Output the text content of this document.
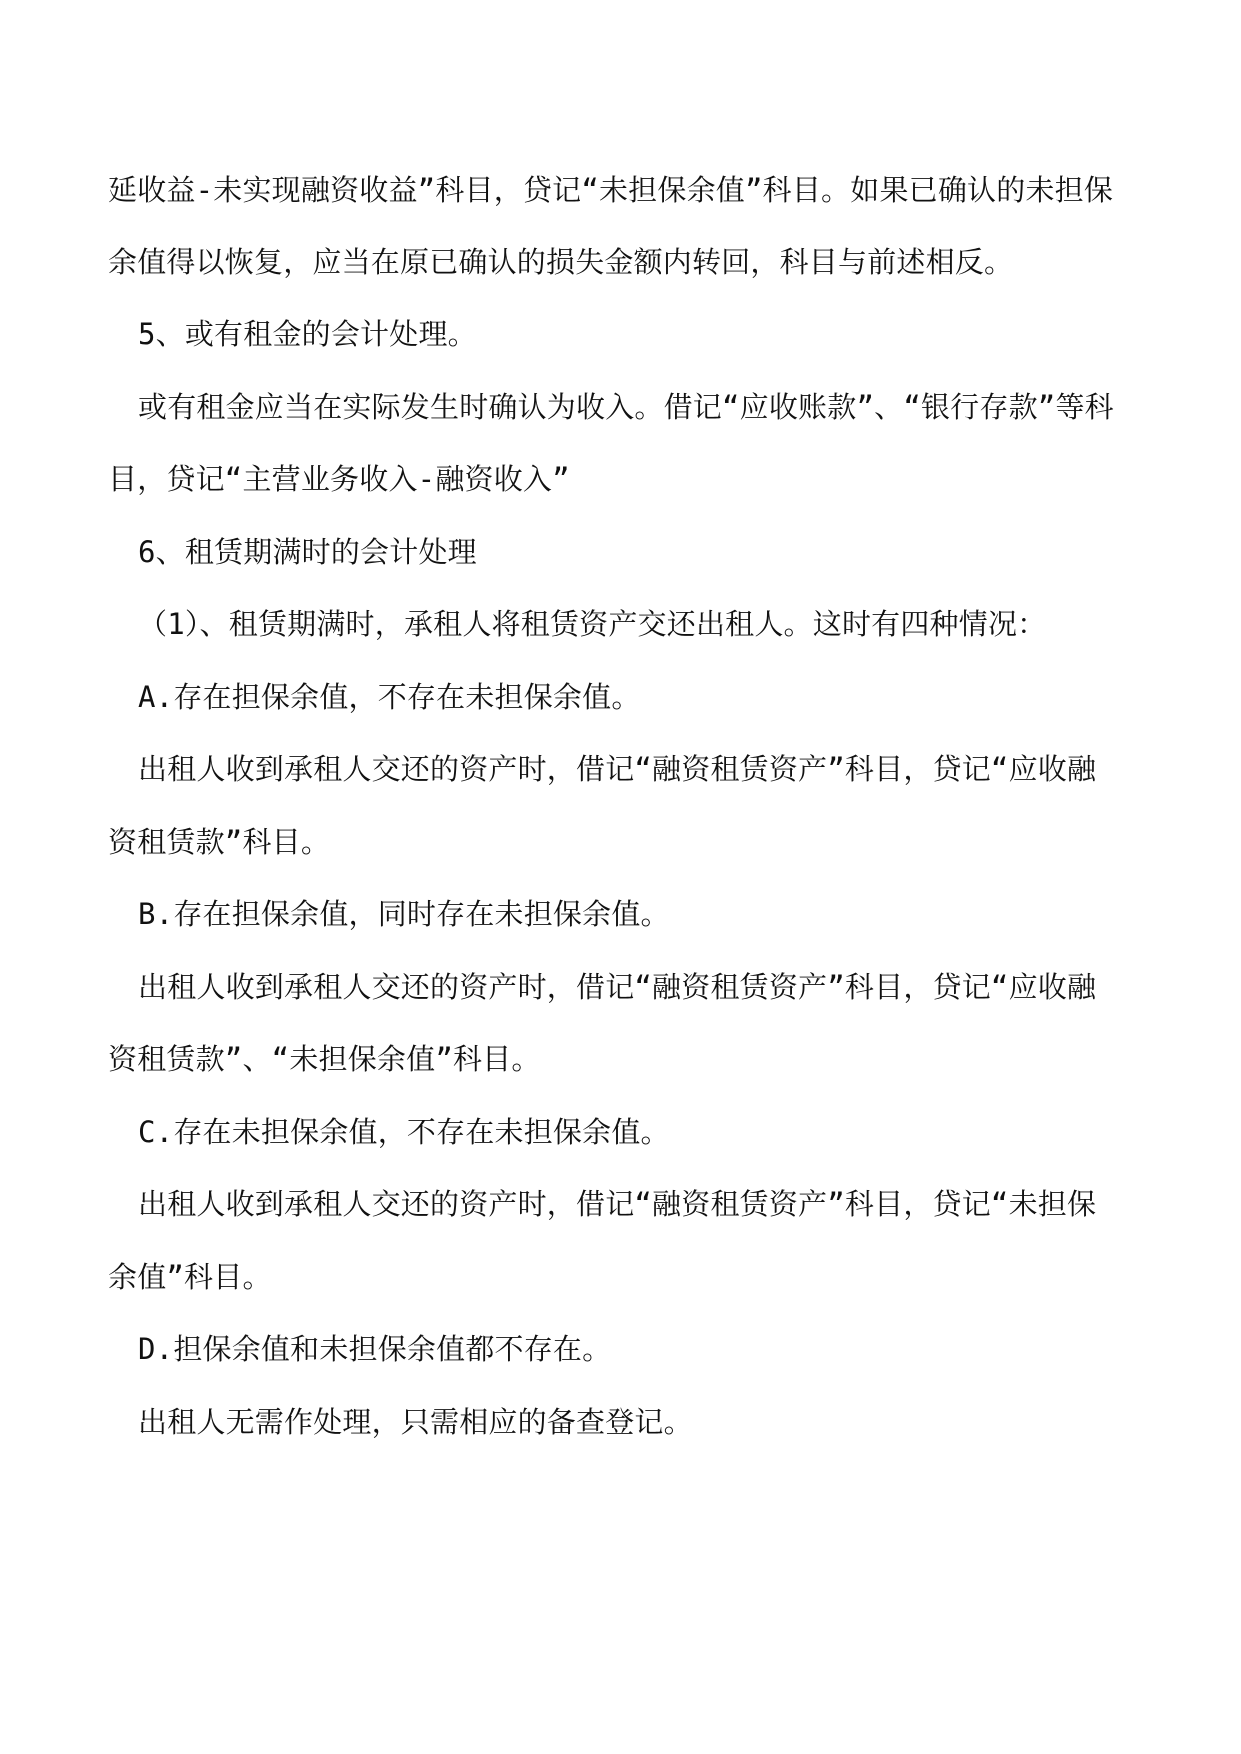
延收益-未实现融资收益”科目，贷记“未担保余值”科目。如果已确认的未担保
余值得以恢复，应当在原已确认的损失金额内转回，科目与前述相反。
5、或有租金的会计处理。
或有租金应当在实际发生时确认为收入。借记“应收账款”、“银行存款”等科
目，贷记“主营业务收入-融资收入”
6、租赁期满时的会计处理
（1）、租赁期满时，承租人将租赁资产交还出租人。这时有四种情况：
A.存在担保余值，不存在未担保余值。
出租人收到承租人交还的资产时，借记“融资租赁资产”科目，贷记“应收融
资租赁款”科目。
B.存在担保余值，同时存在未担保余值。
出租人收到承租人交还的资产时，借记“融资租赁资产”科目，贷记“应收融
资租赁款”、“未担保余值”科目。
C.存在未担保余值，不存在未担保余值。
出租人收到承租人交还的资产时，借记“融资租赁资产”科目，贷记“未担保
余值”科目。
D.担保余值和未担保余值都不存在。
出租人无需作处理，只需相应的备查登记。
